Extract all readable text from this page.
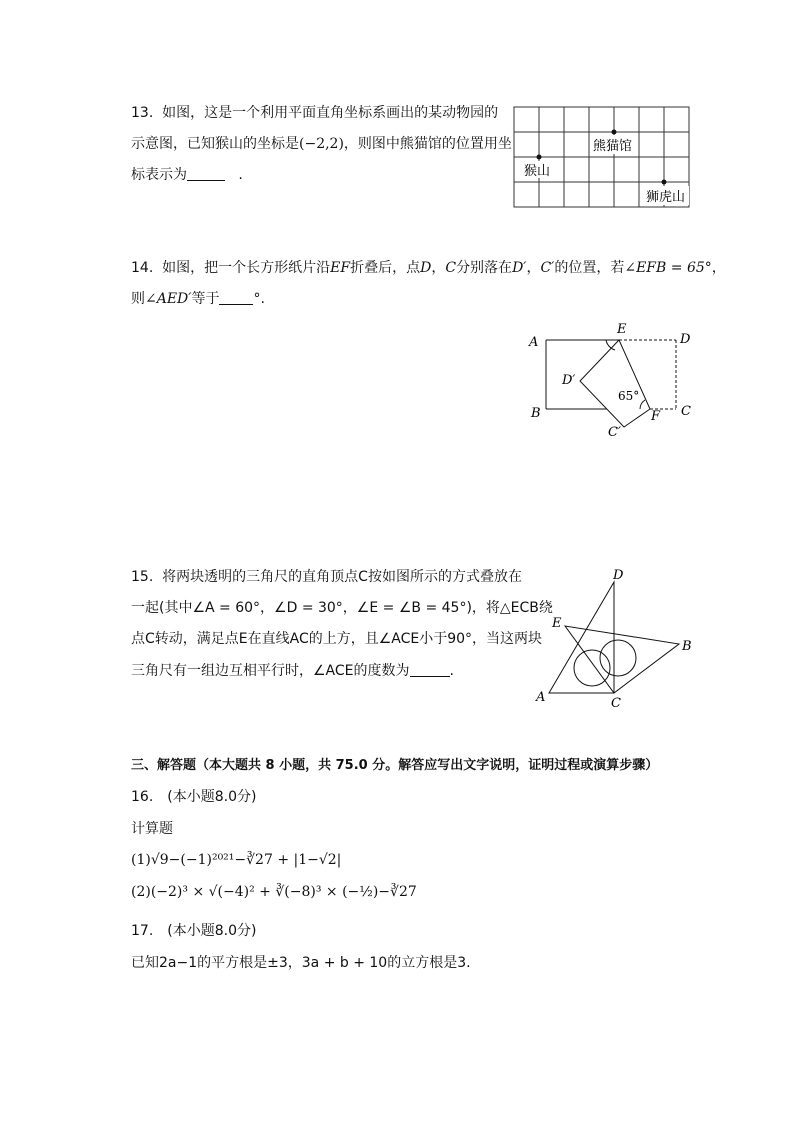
13. 如图，这是一个利用平面直角坐标系画出的某动物园的
示意图，已知猴山的坐标是(−2,2)，则图中熊猫馆的位置用坐
标表示为	.
熊猫馆
猴山
狮虎山
14. 如图，把一个长方形纸片沿EF折叠后，点D，C分别落在D′，C′的位置，若∠EFB = 65°，
则∠AED′等于 °.
A
E
D
D′
65°
B	F C
C′
15. 将两块透明的三角尺的直角顶点C按如图所示的方式叠放在
一起(其中∠A = 60°，∠D = 30°，∠E = ∠B = 45°)，将△ECB绕
点C转动，满足点E在直线AC的上方，且∠ACE小于90°，当这两块
三角尺有一组边互相平行时，∠ACE的度数为	.
D
E
B
A	C
三、解答题（本大题共 8 小题，共 75.0 分。解答应写出文字说明，证明过程或演算步骤）
16.　(本小题8.0分)
计算题
(1)√9−(−1)²⁰²¹−∛27 + |1−√2|
(2)(−2)³ × √(−4)² + ∛(−8)³ × (−½)−∛27
17.　(本小题8.0分)
已知2a−1的平方根是±3，3a + b + 10的立方根是3.
